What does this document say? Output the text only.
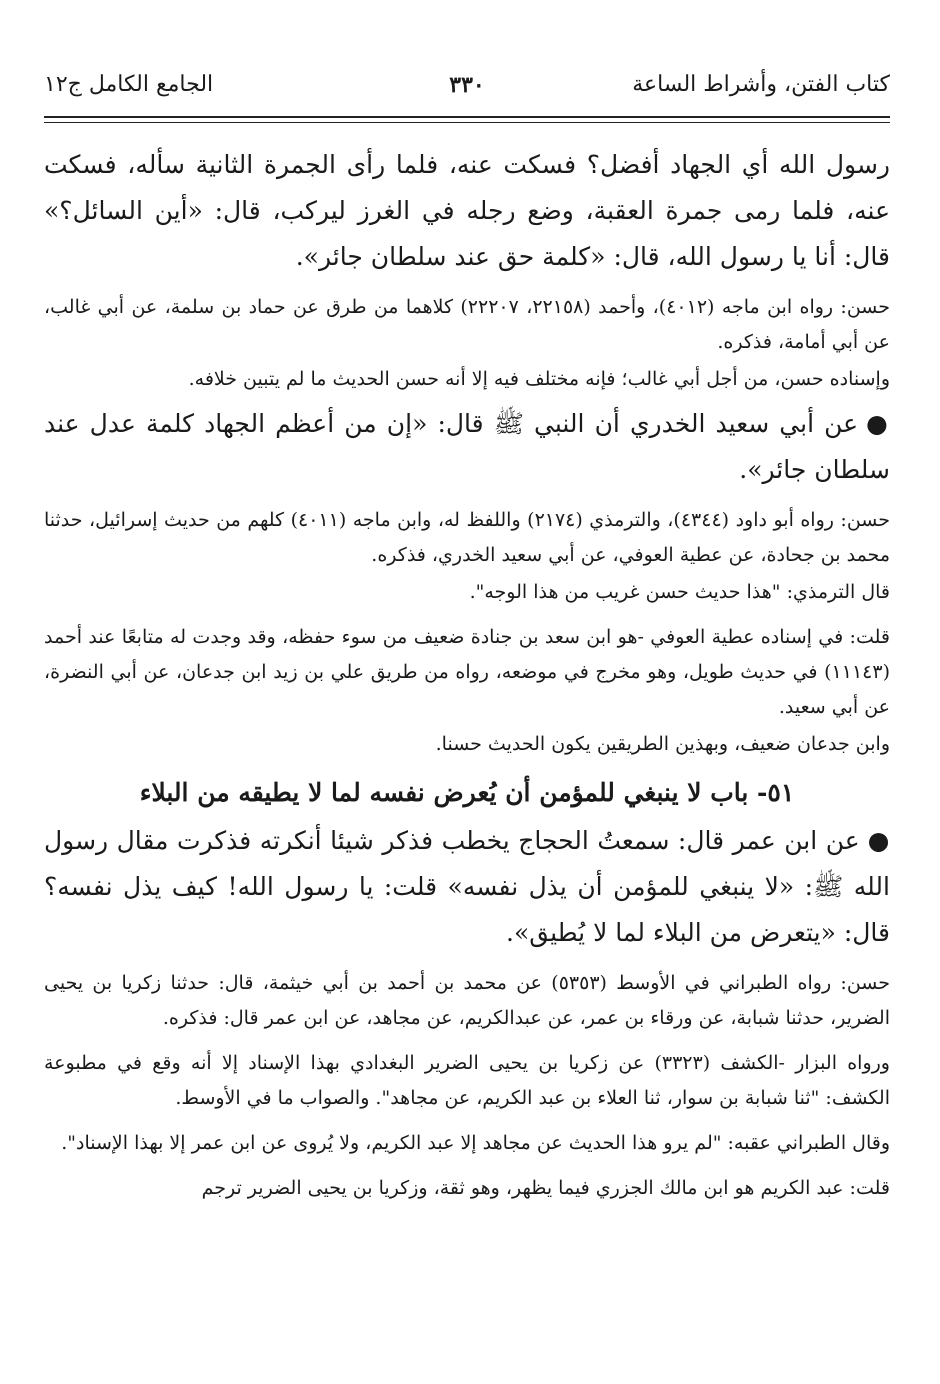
كتاب الفتن، وأشراط الساعة
٣٣٠
الجامع الكامل ج١٢

رسول الله أي الجهاد أفضل؟ فسكت عنه، فلما رأى الجمرة الثانية سأله، فسكت عنه، فلما رمى جمرة العقبة، وضع رجله في الغرز ليركب، قال: «أين السائل؟» قال: أنا يا رسول الله، قال: «كلمة حق عند سلطان جائر».

حسن: رواه ابن ماجه (٤٠١٢)، وأحمد (٢٢١٥٨، ٢٢٢٠٧) كلاهما من طرق عن حماد بن سلمة، عن أبي غالب، عن أبي أمامة، فذكره.

وإسناده حسن، من أجل أبي غالب؛ فإنه مختلف فيه إلا أنه حسن الحديث ما لم يتبين خلافه.

● عن أبي سعيد الخدري أن النبي ﷺ قال: «إن من أعظم الجهاد كلمة عدل عند سلطان جائر».

حسن: رواه أبو داود (٤٣٤٤)، والترمذي (٢١٧٤) واللفظ له، وابن ماجه (٤٠١١) كلهم من حديث إسرائيل، حدثنا محمد بن جحادة، عن عطية العوفي، عن أبي سعيد الخدري، فذكره.

قال الترمذي: "هذا حديث حسن غريب من هذا الوجه".

قلت: في إسناده عطية العوفي -هو ابن سعد بن جنادة ضعيف من سوء حفظه، وقد وجدت له متابعًا عند أحمد (١١١٤٣) في حديث طويل، وهو مخرج في موضعه، رواه من طريق علي بن زيد ابن جدعان، عن أبي النضرة، عن أبي سعيد.

وابن جدعان ضعيف، وبهذين الطريقين يكون الحديث حسنا.

٥١- باب لا ينبغي للمؤمن أن يُعرض نفسه لما لا يطيقه من البلاء

● عن ابن عمر قال: سمعتُ الحجاج يخطب فذكر شيئا أنكرته فذكرت مقال رسول الله ﷺ: «لا ينبغي للمؤمن أن يذل نفسه» قلت: يا رسول الله! كيف يذل نفسه؟ قال: «يتعرض من البلاء لما لا يُطيق».

حسن: رواه الطبراني في الأوسط (٥٣٥٣) عن محمد بن أحمد بن أبي خيثمة، قال: حدثنا زكريا بن يحيى الضرير، حدثنا شبابة، عن ورقاء بن عمر، عن عبدالكريم، عن مجاهد، عن ابن عمر قال: فذكره.

ورواه البزار -الكشف (٣٣٢٣) عن زكريا بن يحيى الضرير البغدادي بهذا الإسناد إلا أنه وقع في مطبوعة الكشف: "ثنا شبابة بن سوار، ثنا العلاء بن عبد الكريم، عن مجاهد". والصواب ما في الأوسط.

وقال الطبراني عقبه: "لم يرو هذا الحديث عن مجاهد إلا عبد الكريم، ولا يُروى عن ابن عمر إلا بهذا الإسناد".

قلت: عبد الكريم هو ابن مالك الجزري فيما يظهر، وهو ثقة، وزكريا بن يحيى الضرير ترجم
